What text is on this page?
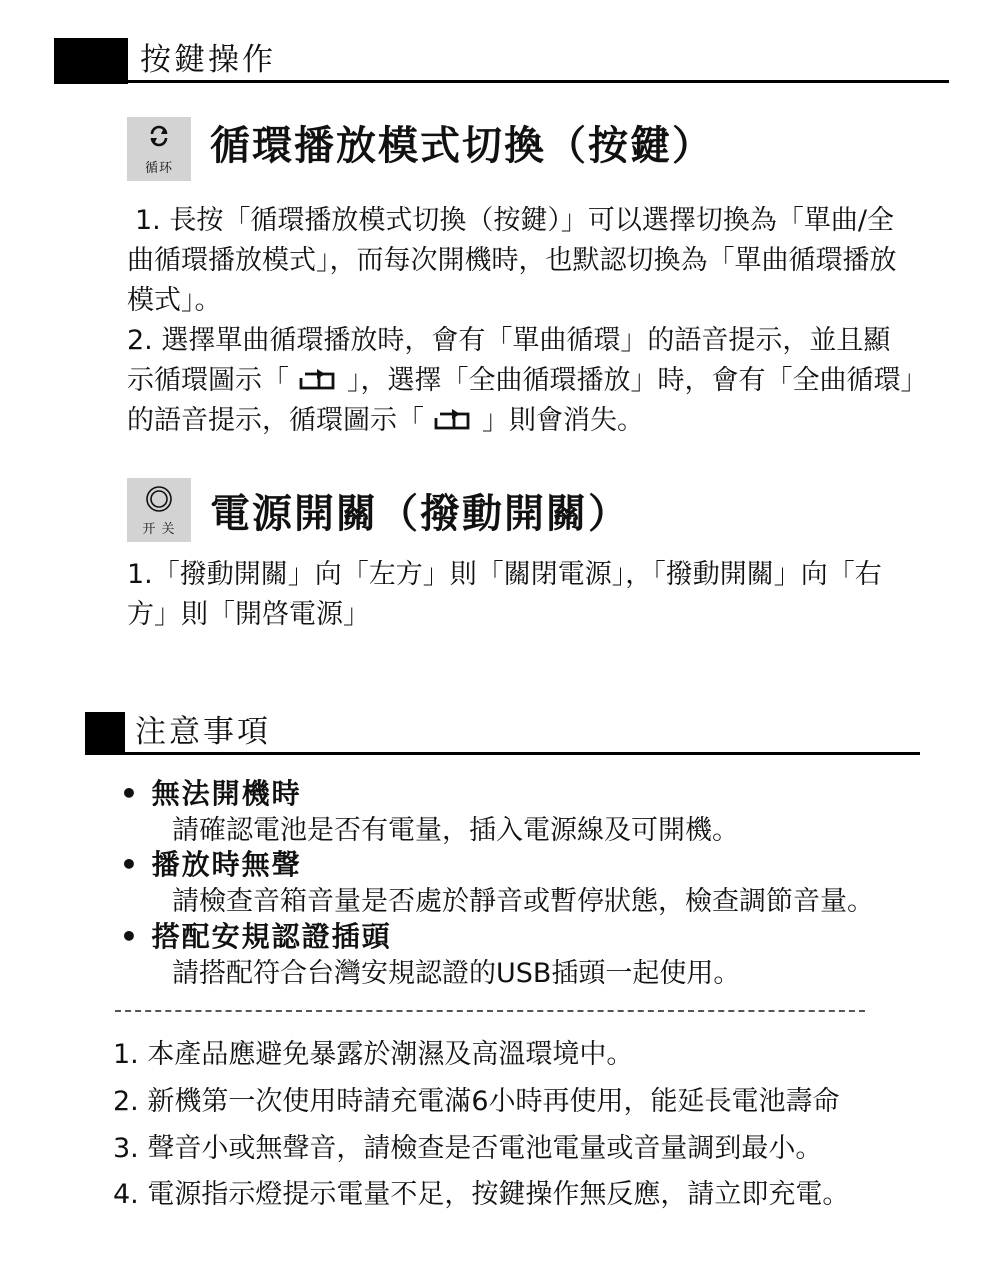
按鍵操作
循环 循環播放模式切換（按鍵）

1. 長按「循環播放模式切換（按鍵）」可以選擇切換為「單曲/全曲循環播放模式」，而每次開機時，也默認切換為「單曲循環播放模式」。

2. 選擇單曲循環播放時，會有「單曲循環」的語音提示，並且顯示循環圖示「 」，選擇「全曲循環播放」時，會有「全曲循環」的語音提示，循環圖示「 」則會消失。

开 关 電源開關（撥動開關）
1.「撥動開關」向「左方」則「關閉電源」，「撥動開關」向「右方」則「開啓電源」
注意事項
• 無法開機時
請確認電池是否有電量，插入電源線及可開機。
• 播放時無聲
請檢查音箱音量是否處於靜音或暫停狀態，檢查調節音量。
• 搭配安規認證插頭
請搭配符合台灣安規認證的USB插頭一起使用。
1. 本產品應避免暴露於潮濕及高溫環境中。
2. 新機第一次使用時請充電滿6小時再使用，能延長電池壽命
3. 聲音小或無聲音，請檢查是否電池電量或音量調到最小。
4. 電源指示燈提示電量不足，按鍵操作無反應，請立即充電。
